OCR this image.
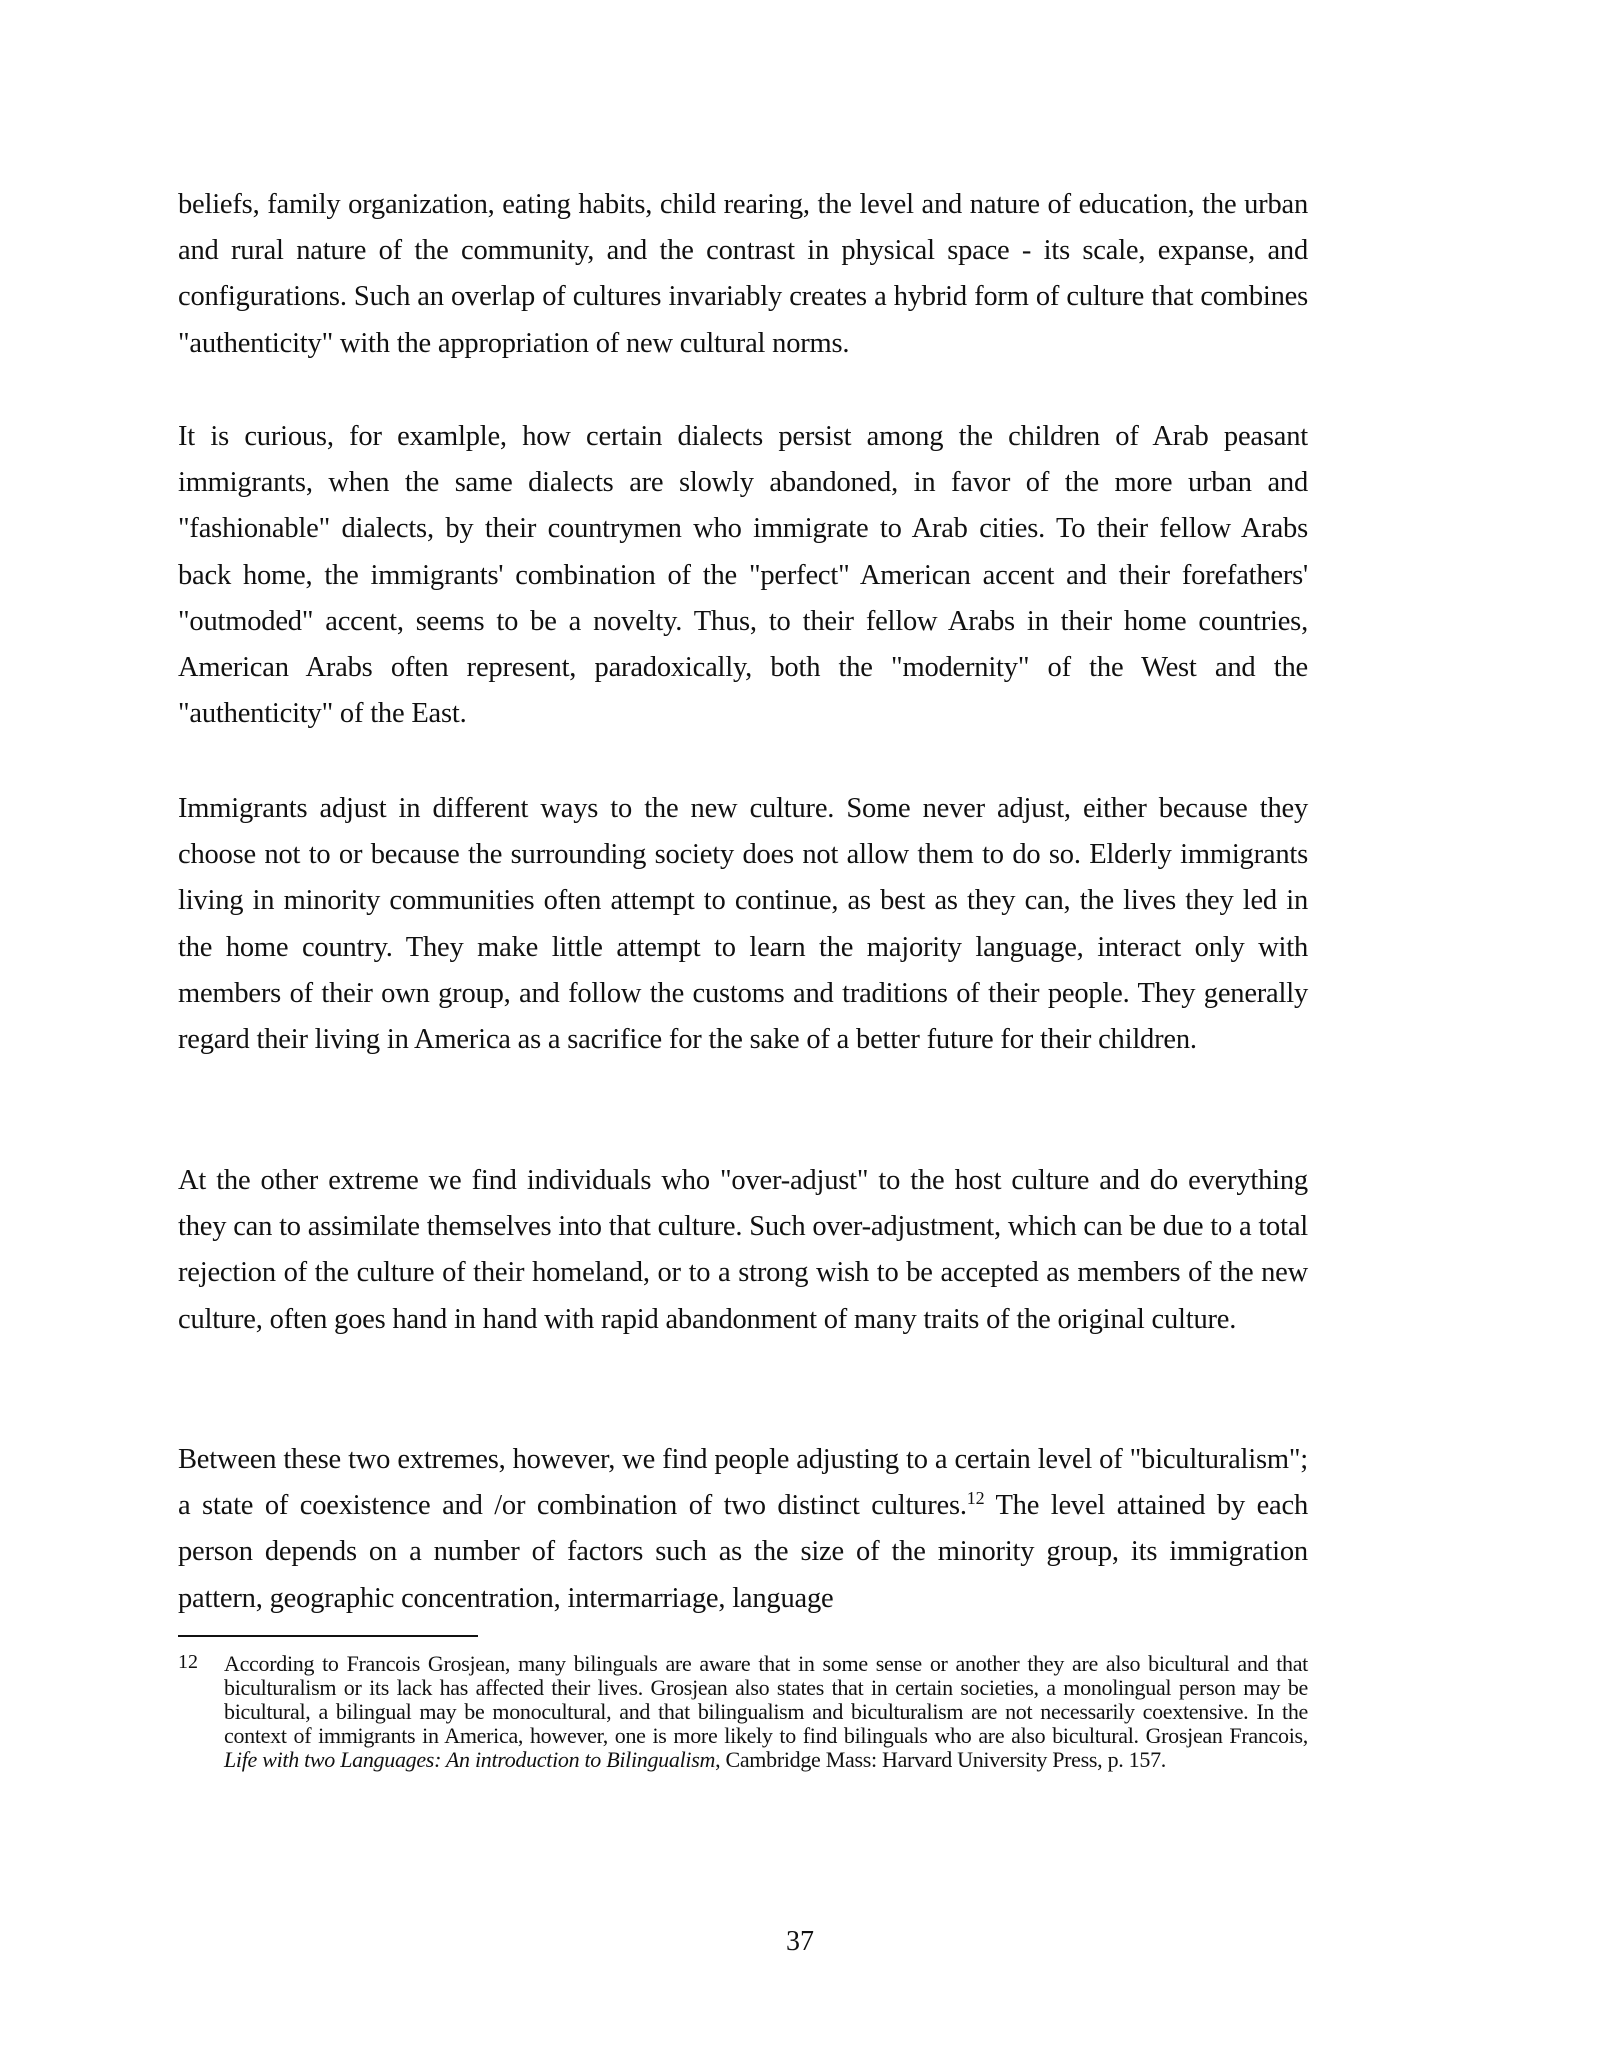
beliefs, family organization, eating habits, child rearing, the level and nature of education, the urban and rural nature of the community, and the contrast in physical space - its scale, expanse, and configurations. Such an overlap of cultures invariably creates a hybrid form of culture that combines "authenticity" with the appropriation of new cultural norms.

It is curious, for examlple, how certain dialects persist among the children of Arab peasant immigrants, when the same dialects are slowly abandoned, in favor of the more urban and "fashionable" dialects, by their countrymen who immigrate to Arab cities. To their fellow Arabs back home, the immigrants' combination of the "perfect" American accent and their forefathers' "outmoded" accent, seems to be a novelty. Thus, to their fellow Arabs in their home countries, American Arabs often represent, paradoxically, both the "modernity" of the West and the "authenticity" of the East.

Immigrants adjust in different ways to the new culture. Some never adjust, either because they choose not to or because the surrounding society does not allow them to do so. Elderly immigrants living in minority communities often attempt to continue, as best as they can, the lives they led in the home country. They make little attempt to learn the majority language, interact only with members of their own group, and follow the customs and traditions of their people. They generally regard their living in America as a sacrifice for the sake of a better future for their children.

At the other extreme we find individuals who "over-adjust" to the host culture and do everything they can to assimilate themselves into that culture. Such over-adjustment, which can be due to a total rejection of the culture of their homeland, or to a strong wish to be accepted as members of the new culture, often goes hand in hand with rapid abandonment of many traits of the original culture.

Between these two extremes, however, we find people adjusting to a certain level of "biculturalism"; a state of coexistence and /or combination of two distinct cultures.$^{12}$ The level attained by each person depends on a number of factors such as the size of the minority group, its immigration pattern, geographic concentration, intermarriage, language

12 According to Francois Grosjean, many bilinguals are aware that in some sense or another they are also bicultural and that biculturalism or its lack has affected their lives. Grosjean also states that in certain societies, a monolingual person may be bicultural, a bilingual may be monocultural, and that bilingualism and biculturalism are not necessarily coextensive. In the context of immigrants in America, however, one is more likely to find bilinguals who are also bicultural. Grosjean Francois, Life with two Languages: An introduction to Bilingualism, Cambridge Mass: Harvard University Press, p. 157.
37
